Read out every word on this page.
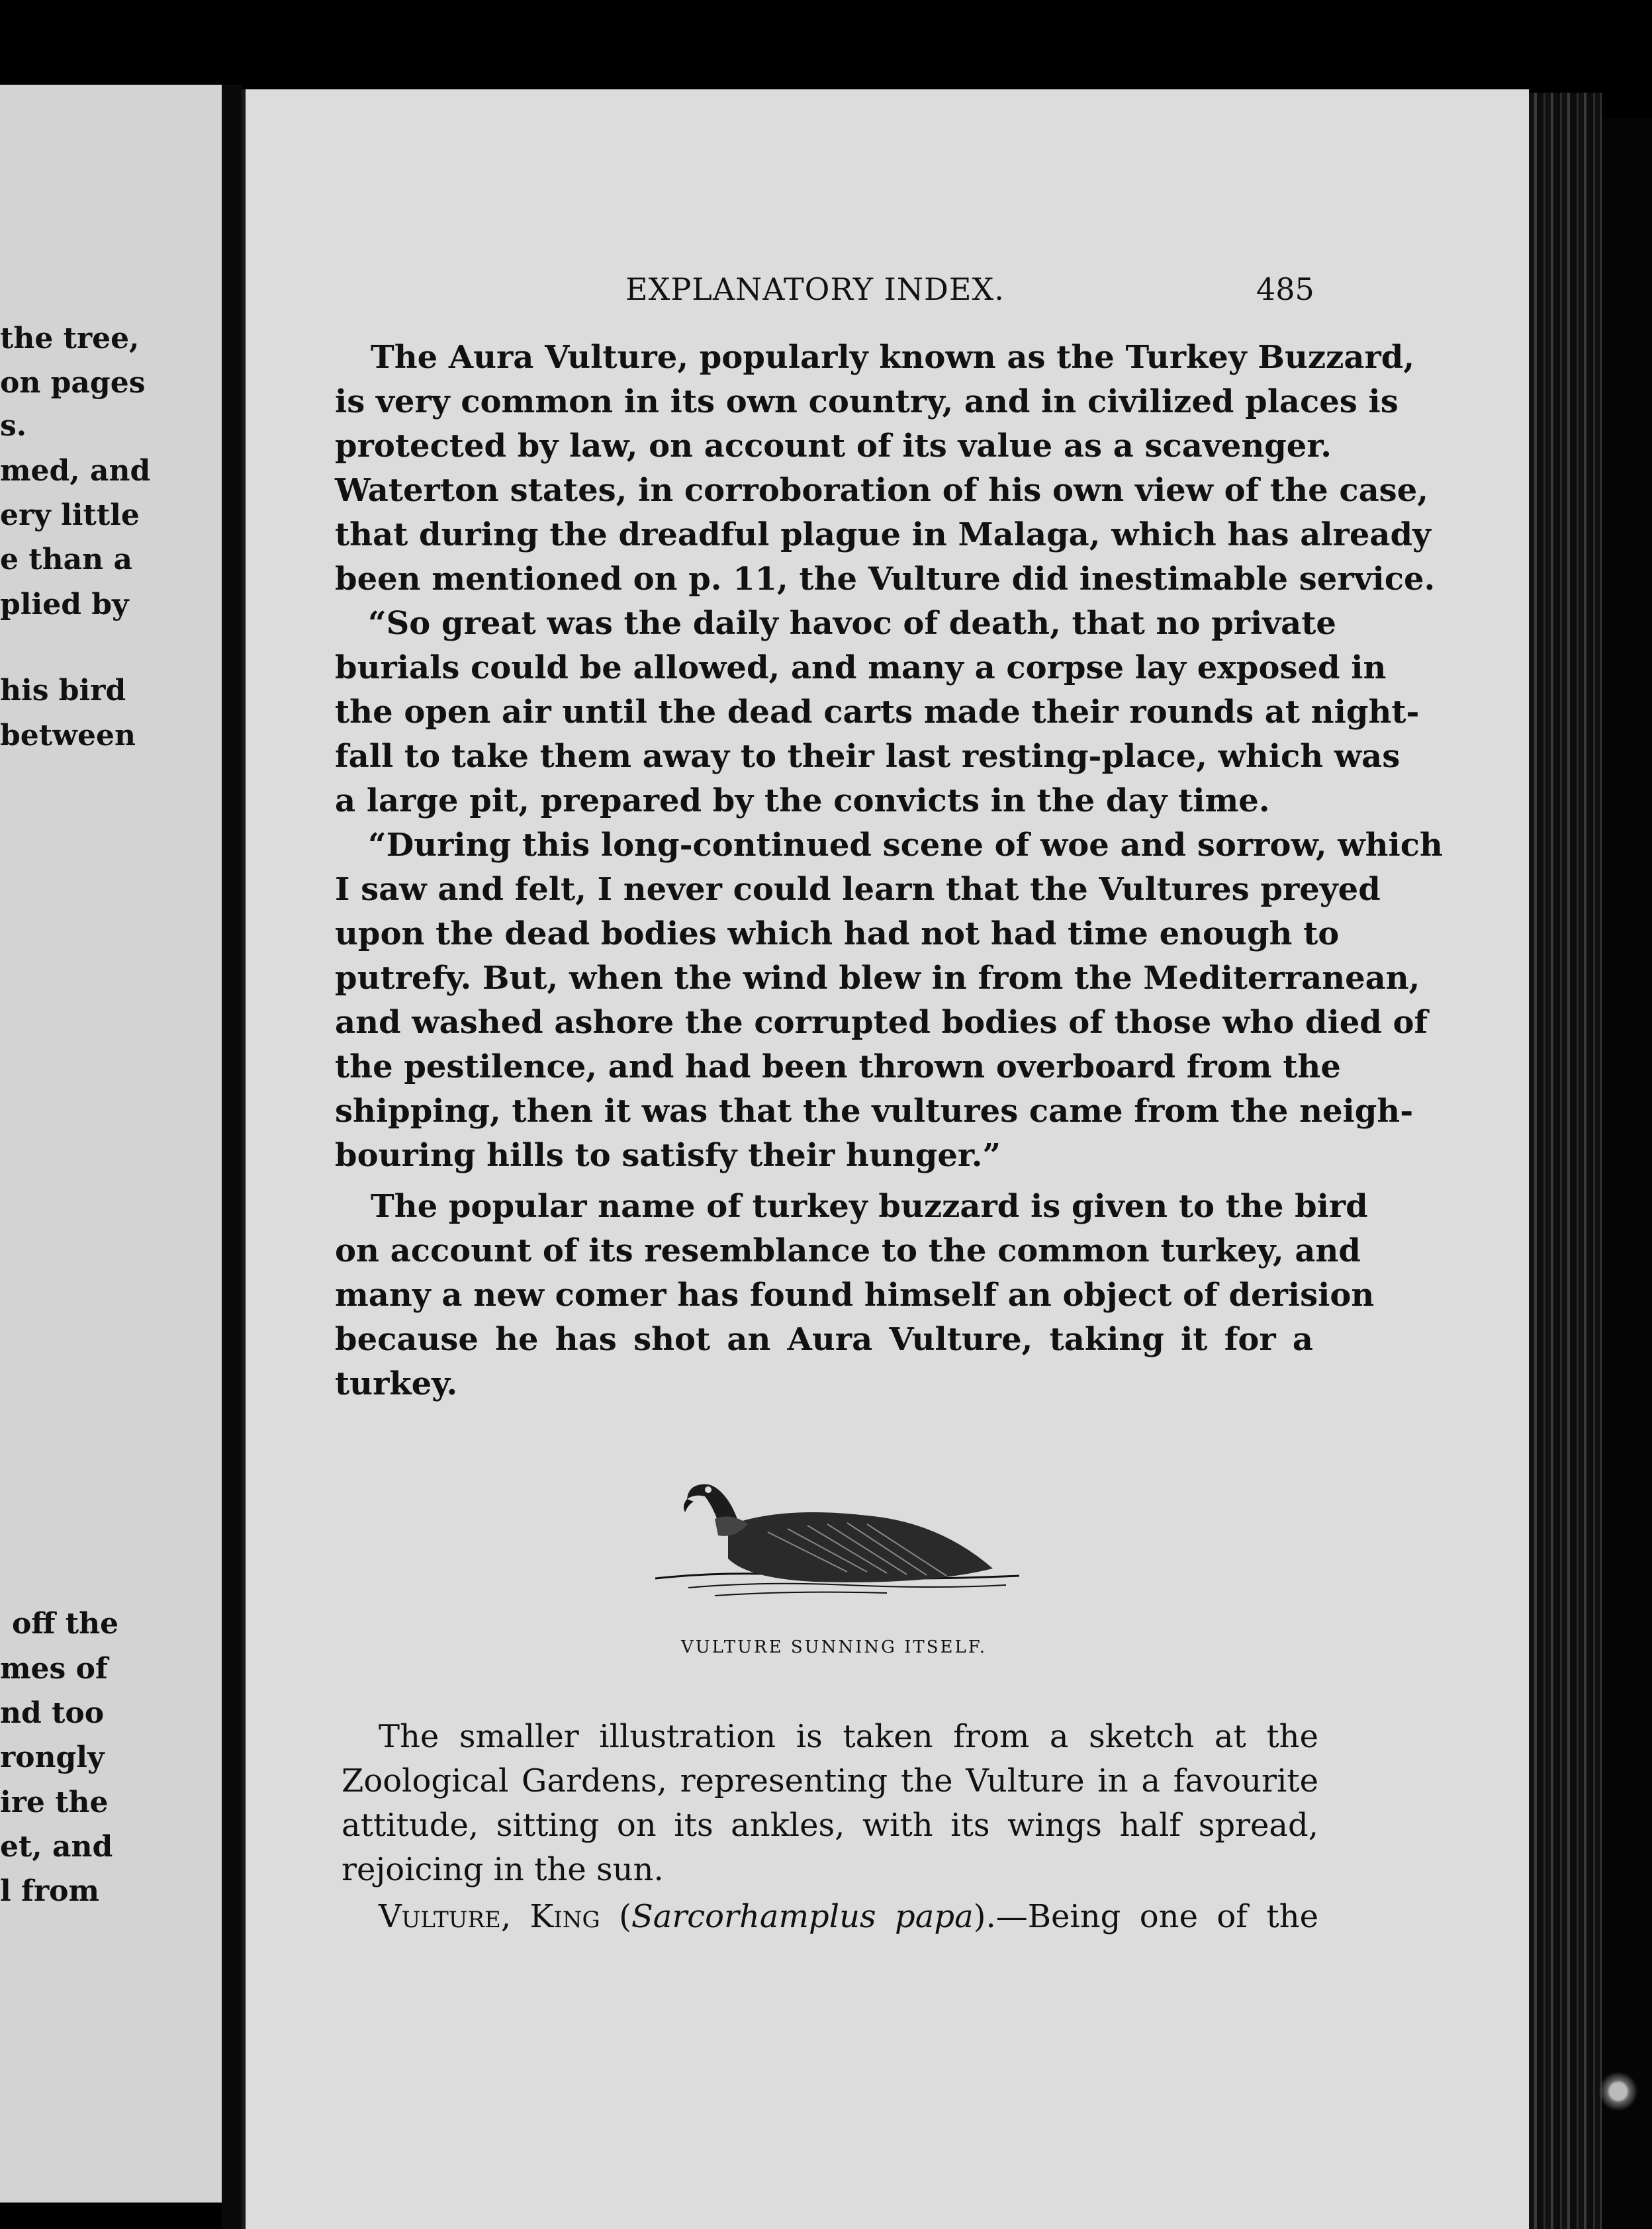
the tree,
on pages
s.
med, and
ery little
e than a
plied by
his bird
between
off the
mes of
nd too
rongly
ire the
et, and
l from
EXPLANATORY INDEX.	485
The Aura Vulture, popularly known as the Turkey Buzzard,
is very common in its own country, and in civilized places is
protected by law, on account of its value as a scavenger.
Waterton states, in corroboration of his own view of the case,
that during the dreadful plague in Malaga, which has already
been mentioned on p. 11, the Vulture did inestimable service.
“So great was the daily havoc of death, that no private
burials could be allowed, and many a corpse lay exposed in
the open air until the dead carts made their rounds at night-
fall to take them away to their last resting-place, which was
a large pit, prepared by the convicts in the day time.
“During this long-continued scene of woe and sorrow, which
I saw and felt, I never could learn that the Vultures preyed
upon the dead bodies which had not had time enough to
putrefy. But, when the wind blew in from the Mediterranean,
and washed ashore the corrupted bodies of those who died of
the pestilence, and had been thrown overboard from the
shipping, then it was that the vultures came from the neigh-
bouring hills to satisfy their hunger.”
The popular name of turkey buzzard is given to the bird
on account of its resemblance to the common turkey, and
many a new comer has found himself an object of derision
because he has shot an Aura Vulture, taking it for a
turkey.
VULTURE SUNNING ITSELF.
The smaller illustration is taken from a sketch at the
Zoological Gardens, representing the Vulture in a favourite
attitude, sitting on its ankles, with its wings half spread,
rejoicing in the sun.
Vulture, King (Sarcorhamplus papa).—Being one of the
